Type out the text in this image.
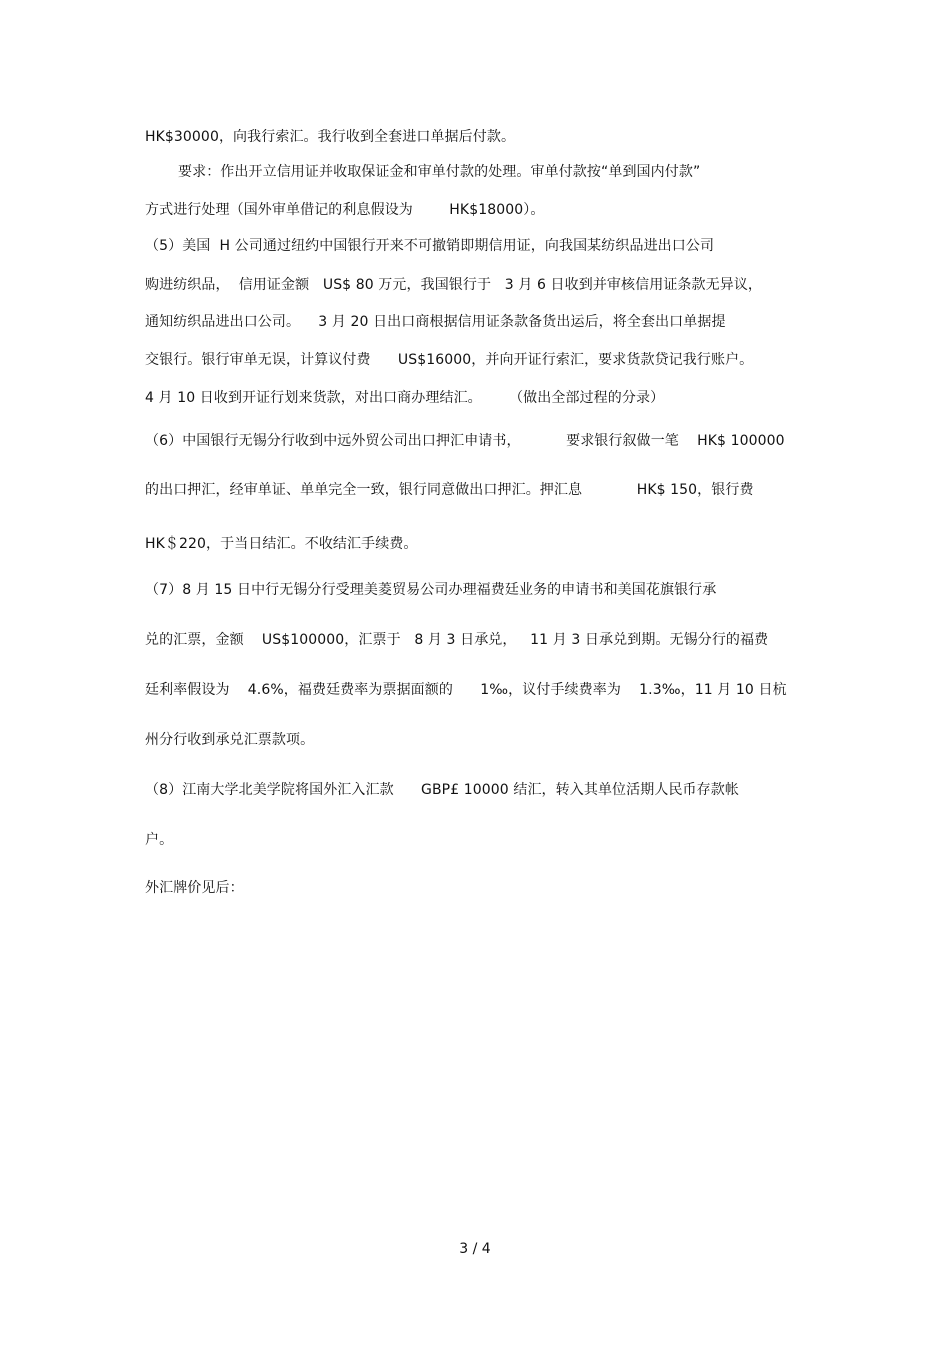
HK$30000，向我行索汇。我行收到全套进口单据后付款。
要求：作出开立信用证并收取保证金和审单付款的处理。审单付款按“单到国内付款”
方式进行处理（国外审单借记的利息假设为        HK$18000）。
（5）美国  H 公司通过纽约中国银行开来不可撤销即期信用证，向我国某纺织品进出口公司
购进纺织品，  信用证金额   US$ 80 万元，我国银行于   3 月 6 日收到并审核信用证条款无异议，
通知纺织品进出口公司。    3 月 20 日出口商根据信用证条款备货出运后，将全套出口单据提
交银行。银行审单无误，计算议付费      US$16000，并向开证行索汇，要求货款贷记我行账户。
4 月 10 日收到开证行划来货款，对出口商办理结汇。      （做出全部过程的分录）
（6）中国银行无锡分行收到中远外贸公司出口押汇申请书，          要求银行叙做一笔    HK$ 100000
的出口押汇，经审单证、单单完全一致，银行同意做出口押汇。押汇息            HK$ 150，银行费
HK＄220，于当日结汇。不收结汇手续费。
（7）8 月 15 日中行无锡分行受理美菱贸易公司办理福费廷业务的申请书和美国花旗银行承
兑的汇票，金额    US$100000，汇票于   8 月 3 日承兑，   11 月 3 日承兑到期。无锡分行的福费
廷利率假设为    4.6%，福费廷费率为票据面额的      1‰，议付手续费率为    1.3‰，11 月 10 日杭
州分行收到承兑汇票款项。
（8）江南大学北美学院将国外汇入汇款      GBP£ 10000 结汇，转入其单位活期人民币存款帐
户。
外汇牌价见后：
3 / 4
